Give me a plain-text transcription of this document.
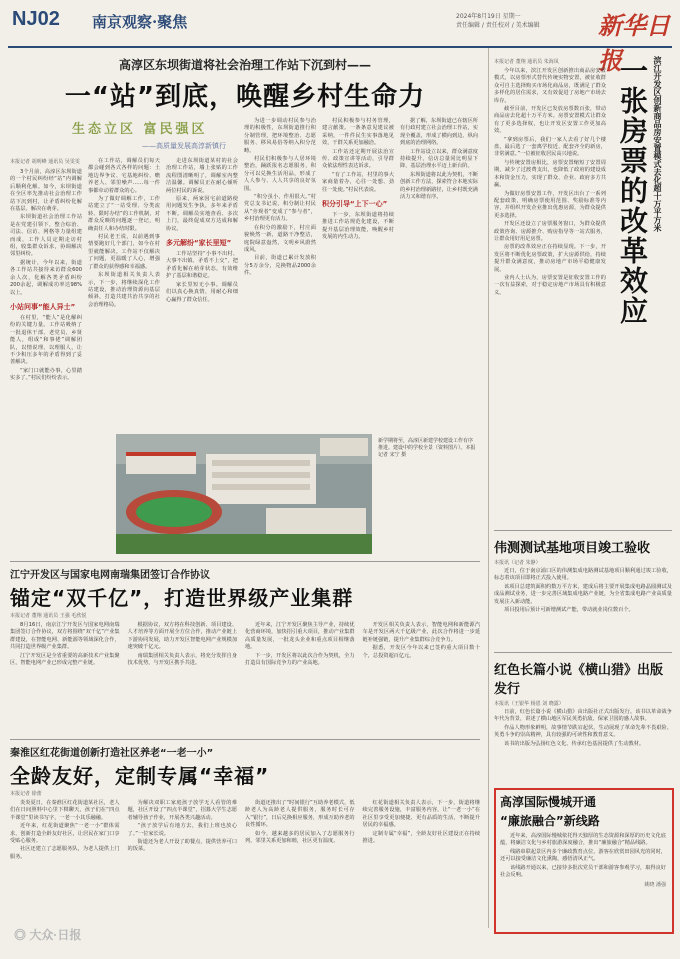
NJ02 南京观察·聚焦	2024年8月19日 星期一
责任编辑 / 责任校对 / 美术编辑 新华日报
高淳区东坝街道将社会治理工作站下沉到村——
一“站”到底，唤醒乡村生命力
生态立区 富民强区
——高质量发展高淳新镇行
本报记者 胡明峰 通讯员 吴雯雯

3个月前，高淳区东坝街道的一个村民纠纷经“站”内调解后顺利化解。如今，东坝街道在全区率先推动社会治理工作站下沉到村，让矛盾纠纷化解在基层、解决在萌芽。

东坝街道社会治理工作站是在党建引领下，整合综治、司法、信访、网格等力量组建而成，工作人员定期走访村组，收集群众诉求，协调解决邻里纠纷。

据统计，今年以来，街道各工作站共接待来访群众600余人次，化解各类矛盾纠纷200余起，调解成功率达98%以上。

小站问事“能人异士”

在村里，“能人”是化解纠纷的关键力量。工作站吸纳了一批退休干部、老党员、乡贤能人，组成“和事佬”调解团队，以情说理、以理服人，让不少积压多年的矛盾得到了妥善解决。

“家门口就能办事，心里踏实多了。”村民们纷纷表示。

在工作站，调解员们每天都会碰到各式各样的问题：土地边界争议、宅基地纠纷、赡养老人、邻里噪声……每一件事都牵动着群众的心。

为了做好调解工作，工作站建立了“一站受理、分类流转、限时办结”的工作机制，对群众反映的问题逐一登记，明确责任人和办结时限。

村民老王说，以前遇到事情要跑好几个部门，如今在村里就能解决。工作站不仅解决了问题，更温暖了人心，增强了群众的获得感和幸福感。

东坝街道相关负责人表示，下一步，将继续深化工作站建设，推动治理资源向基层倾斜，打造共建共治共享的社会治理格局。

走进东坝街道某村的社会治理工作站，墙上张贴的工作流程图清晰明了，调解室内整洁温馨。调解员正在耐心倾听两位村民的诉说。

原来，两家因宅前道路使用问题发生争执，多年来矛盾不断。调解员实地查看、多次上门，最终促成双方达成和解协议。

多元解纷“家长里短”

工作站坚持“小事不出村、大事不出镇、矛盾不上交”，把矛盾化解在萌芽状态，有效维护了基层和谐稳定。

家长里短无小事。调解员们以真心换真情，用耐心和细心赢得了群众信任。

为进一步调动村民参与治理的积极性，东坝街道推行积分制管理，把环境整治、志愿服务、移风易俗等纳入积分范畴。

村民们积极参与人居环境整治，踊跃报名志愿服务，积分可以兑换生活用品，形成了人人参与、人人共享的良好氛围。

“积分虽小，作用很大。”村党总支书记说，积分制让村民从“旁观者”变成了“参与者”，乡村治理更有活力。

在积分的激励下，村庄面貌焕然一新，道路干净整洁，庭院绿意盎然，文明乡风蔚然成风。

目前，街道已累计发放积分5万余分，兑换物品2000余件。

村民积极参与村务管理，建言献策。一条条意见建议被采纳，一件件民生实事落地见效，干群关系更加融洽。

工作站还定期开展法治宣传、政策宣讲等活动，引导群众依法理性表达诉求。

“有了工作站，村里的事大家商量着办，心往一处想、劲往一处使。”村民代表说。

积分引导“上下一心”

下一步，东坝街道将持续推进工作站规范化建设，不断提升基层治理效能，唤醒乡村发展的内生动力。

据了解，东坝街道已在辖区所有行政村建立社会治理工作站，实现全覆盖，形成了横向到边、纵向到底的治理网络。

工作站设立以来，群众满意度持续提升，信访总量同比明显下降，基层治理水平迈上新台阶。

东坝街道将以此为契机，不断创新工作方法，探索符合本地实际的乡村治理新路径，让乡村既充满活力又和谐有序。

新学期将至，高淳区新建学校建设工作有序推进。建设中的学校全景（资料图片）。本报记者 宋宁 摄
江宁开发区与国家电网南瑞集团签订合作协议
锚定“双千亿”，打造世界级产业集群
本报记者 董翔 通讯员 王强 毛欣悦

8月16日，南京江宁开发区与国家电网南瑞集团签订合作协议，双方将围绕“双千亿”产业集群建设，在智能电网、新能源等领域深化合作，共同打造世界级产业集群。

江宁开发区是全省重要的高新技术产业集聚区，智能电网产业已形成完整产业链。

根据协议，双方将在科技创新、项目建设、人才培养等方面开展全方位合作，推动产业链上下游协同发展，助力开发区智能电网产业规模加速突破千亿元。

南瑞集团相关负责人表示，将充分发挥自身技术优势，与开发区携手共进。

近年来，江宁开发区聚焦主导产业，持续优化营商环境，加快招引重大项目，推动产业集群高质量发展，一批龙头企业和重点项目相继落地。

下一步，开发区将以此次合作为契机，全力打造具有国际竞争力的产业高地。

开发区相关负责人表示，智能电网和新能源汽车是开发区两大千亿级产业，此次合作将进一步延链补链强链，提升产业集群综合竞争力。

据悉，开发区今年以来已签约重大项目数十个，总投资超百亿元。

秦淮区红花街道创新打造社区养老“一老一小”
全龄友好，定制专属“幸福”
本报记者 徐蕾

炎炎夏日，在秦淮区红花街道某社区，老人们在日间照料中心里下棋聊天，孩子们在“四点半课堂”里读书写字，一老一小其乐融融。

近年来，红花街道聚焦“一老一小”群体需求，创新打造全龄友好社区，让居民在家门口享受贴心服务。

社区还建立了志愿服务队，为老人提供上门服务。

为解决双职工家庭孩子放学无人看管的难题，社区开设了“四点半课堂”，招募大学生志愿者辅导孩子作业，开展各类兴趣活动。

“孩子放学后有地方去，我们上班也放心了。”一位家长说。

街道还为老人开设了助餐点，提供营养可口的饭菜。

街道还推出了“时间银行”互助养老模式，低龄老人为高龄老人提供服务，服务时长可存入“银行”，日后兑换相应服务，形成互助养老的良性循环。

如今，越来越多的居民加入了志愿服务行列，邻里关系更加和睦，社区更有温度。

红花街道相关负责人表示，下一步，街道将继续完善服务设施，丰富服务内容，让“一老一小”在社区里享受更加便捷、更有品质的生活，不断提升居民的幸福感。

定制专属“幸福”，全龄友好社区建设正在持续推进。

本报记者 董翔 通讯员 朱海凤

今年以来，滨江开发区创新推出商品房安置模式，以房票形式替代传统实物安置，被征收群众可自主选择购买市场化商品房，既满足了群众多样化的居住需求，又有效促进了房地产市场去库存。

截至目前，开发区已发放房票数百张，带动商品房去化超十万平方米。房票安置模式让群众有了更多选择权，也让开发区安置工作更加高效。

“拿到房票后，我们一家人去看了好几个楼盘，最后选了一套离学校近、配套齐全的新房，非常满意。”一位被征收居民高兴地说。

与传统安置房相比，房票安置缩短了安置周期，减少了过渡费支出，也降低了政府的建设成本和资金压力，实现了群众、企业、政府多方共赢。

为做好房票安置工作，开发区出台了一系列配套政策，明确房票使用范围、奖励标准等内容，并组织开发企业推出优惠房源，为群众提供更多选择。

开发区还设立了房票服务窗口，为群众提供政策咨询、房源推介、购房指导等一站式服务，让群众用好用足房票。

房票的改革效应正在持续显现。下一步，开发区将不断优化房票政策，扩大房源供给，持续提升群众满意度，推动房地产市场平稳健康发展。

业内人士认为，房票安置是征收安置工作的一次有益探索，对于稳定房地产市场具有积极意义。	一张房票的改革效应 滨江开发区创新商品房安置模式去化超十万平方米
伟测测试基地项目竣工验收
本报讯（记者 朱静）

近日，位于南京浦口区的伟测集成电路测试基地项目顺利通过竣工验收，标志着该项目即将正式投入使用。

该项目总建筑面积约数万平方米，建成后将主要开展集成电路晶圆测试及成品测试业务，进一步完善区域集成电路产业链，为全省集成电路产业高质量发展注入新动能。

项目投用后预计可新增测试产能，带动就业岗位数百个。

红色长篇小说《横山猎》出版发行
本报讯（王银华 杨恩 刘 晓露）

日前，红色长篇小说《横山猎》由出版社正式出版发行。该书以革命战争年代为背景，讲述了横山地区军民英勇抗敌、保家卫国的感人故事。

作品人物形象鲜明，故事情节跌宕起伏，生动展现了革命先辈不畏艰险、英勇斗争的崇高精神，具有较强的可读性和教育意义。

该书的出版为弘扬红色文化、传承红色基因提供了生动教材。

高淳国际慢城开通
“廉旅融合”新线路

近年来，高淳国际慢城依托得天独厚的生态资源和深厚的历史文化底蕴，将廉洁文化与乡村旅游深度融合，推出“廉旅融合”精品线路。

线路串联起景区内多个廉政教育点位，游客在欣赏田园风光的同时，还可以接受廉洁文化熏陶，感悟清风正气。

该线路开通以来，已接待多批次党员干部和游客参观学习，取得良好社会反响。

姚晓 潘强
◎ 大众·日报
